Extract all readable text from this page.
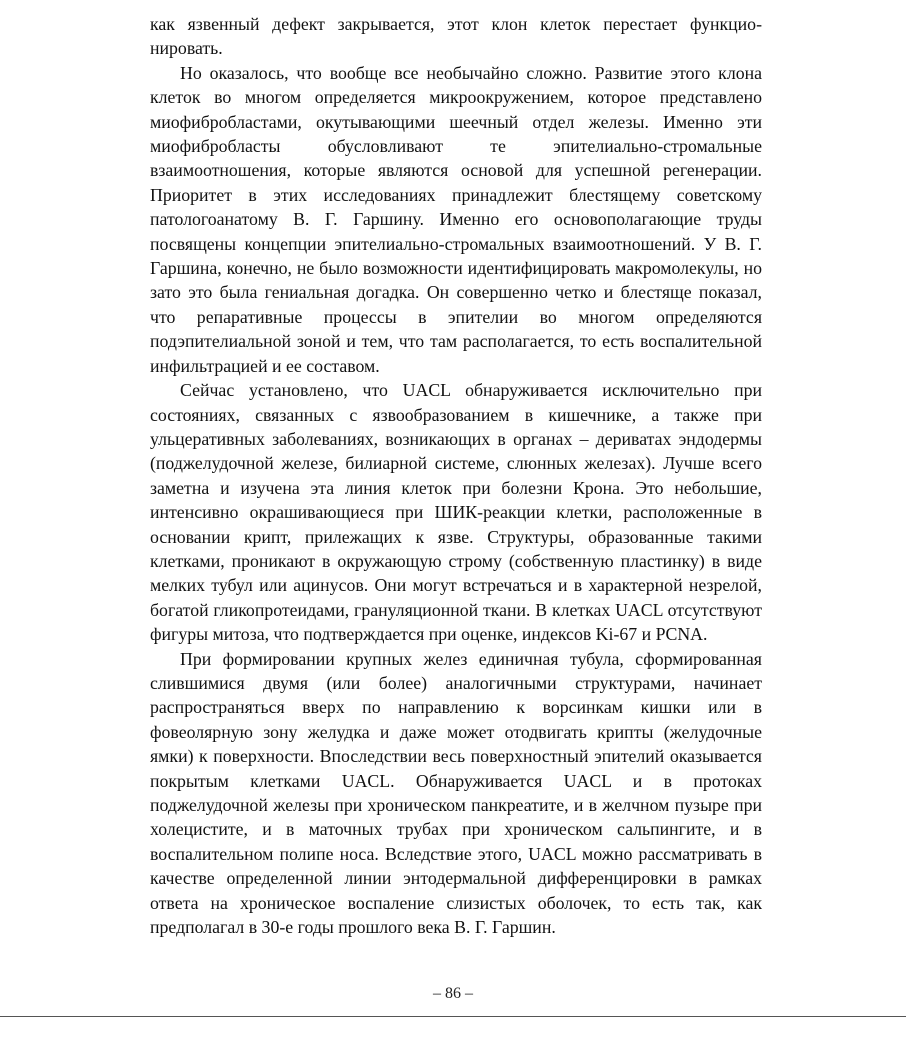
как язвенный дефект закрывается, этот клон клеток перестает функционировать.

Но оказалось, что вообще все необычайно сложно. Развитие этого клона клеток во многом определяется микроокружением, которое представлено миофибробластами, окутывающими шеечный отдел железы. Именно эти миофибробласты обусловливают те эпителиально-стромальные взаимоотношения, которые являются основой для успешной регенерации. Приоритет в этих исследованиях принадлежит блестящему советскому патологоанатому В. Г. Гаршину. Именно его основополагающие труды посвящены концепции эпителиально-стромальных взаимоотношений. У В. Г. Гаршина, конечно, не было возможности идентифицировать макромолекулы, но зато это была гениальная догадка. Он совершенно четко и блестяще показал, что репаративные процессы в эпителии во многом определяются подэпителиальной зоной и тем, что там располагается, то есть воспалительной инфильтрацией и ее составом.

Сейчас установлено, что UACL обнаруживается исключительно при состояниях, связанных с язвообразованием в кишечнике, а также при ульцеративных заболеваниях, возникающих в органах – дериватах эндодермы (поджелудочной железе, билиарной системе, слюнных железах). Лучше всего заметна и изучена эта линия клеток при болезни Крона. Это небольшие, интенсивно окрашивающиеся при ШИК-реакции клетки, расположенные в основании крипт, прилежащих к язве. Структуры, образованные такими клетками, проникают в окружающую строму (собственную пластинку) в виде мелких тубул или ацинусов. Они могут встречаться и в характерной незрелой, богатой гликопротеидами, грануляционной ткани. В клетках UACL отсутствуют фигуры митоза, что подтверждается при оценке, индексов Ki-67 и PCNA.

При формировании крупных желез единичная тубула, сформированная слившимися двумя (или более) аналогичными структурами, начинает распространяться вверх по направлению к ворсинкам кишки или в фовеолярную зону желудка и даже может отодвигать крипты (желудочные ямки) к поверхности. Впоследствии весь поверхностный эпителий оказывается покрытым клетками UACL. Обнаруживается UACL и в протоках поджелудочной железы при хроническом панкреатите, и в желчном пузыре при холецистите, и в маточных трубах при хроническом сальпингите, и в воспалительном полипе носа. Вследствие этого, UACL можно рассматривать в качестве определенной линии энтодермальной дифференцировки в рамках ответа на хроническое воспаление слизистых оболочек, то есть так, как предполагал в 30-е годы прошлого века В. Г. Гаршин.

– 86 –
